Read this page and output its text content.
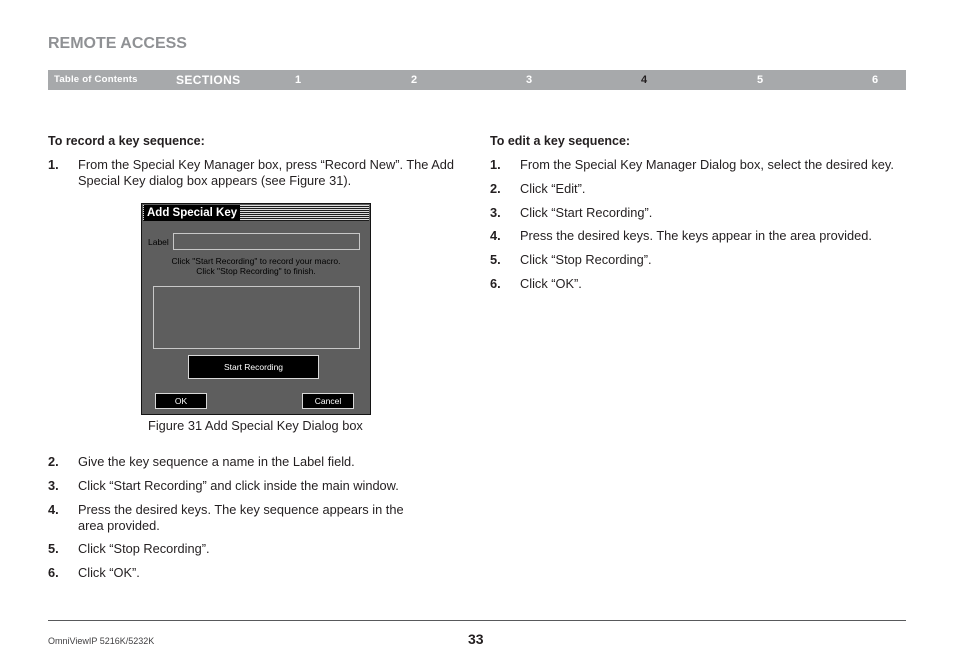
REMOTE ACCESS
Table of Contents	SECTIONS	1	2	3	4	5	6
To record a key sequence:
1. From the Special Key Manager box, press “Record New”. The Add
Special Key dialog box appears (see Figure 31).
Add Special Key
Label
Click "Start Recording" to record your macro.
Click "Stop Recording" to finish.
Start Recording
OK	Cancel
Figure 31 Add Special Key Dialog box
2. Give the key sequence a name in the Label field.
3. Click “Start Recording” and click inside the main window.
4. Press the desired keys. The key sequence appears in the
area provided.
5. Click “Stop Recording”.
6. Click “OK”.
To edit a key sequence:
1. From the Special Key Manager Dialog box, select the desired key.
2. Click “Edit”.
3. Click “Start Recording”.
4. Press the desired keys. The keys appear in the area provided.
5. Click “Stop Recording”.
6. Click “OK”.
OmniViewIP 5216K/5232K	33
